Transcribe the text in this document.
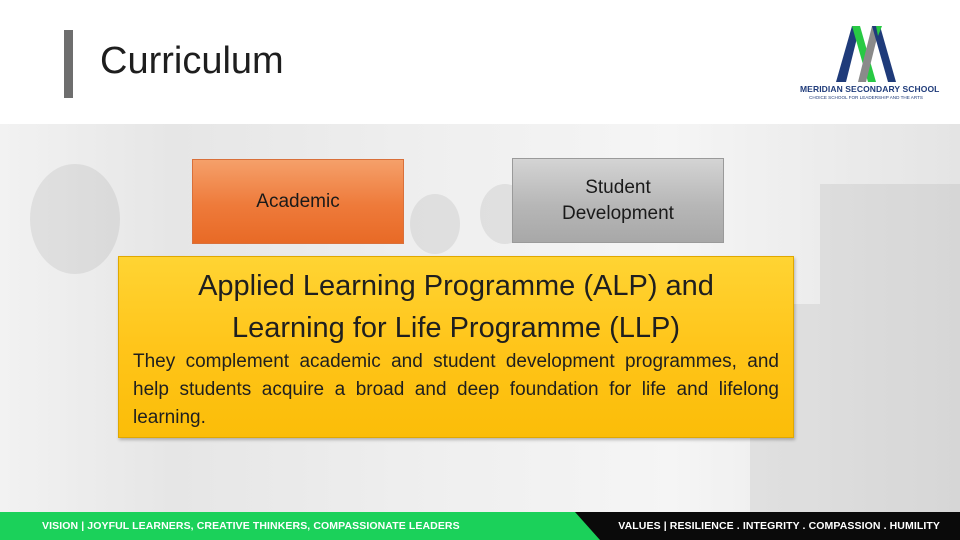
Curriculum
MERIDIAN SECONDARY SCHOOL
CHOICE SCHOOL FOR LEADERSHIP AND THE ARTS
Academic
Student
Development
Applied Learning Programme (ALP) and
Learning for Life Programme (LLP)
They complement academic and student development programmes, and help students acquire a broad and deep foundation for life and lifelong learning.
VISION | JOYFUL LEARNERS, CREATIVE THINKERS, COMPASSIONATE LEADERS	VALUES | RESILIENCE . INTEGRITY . COMPASSION . HUMILITY
